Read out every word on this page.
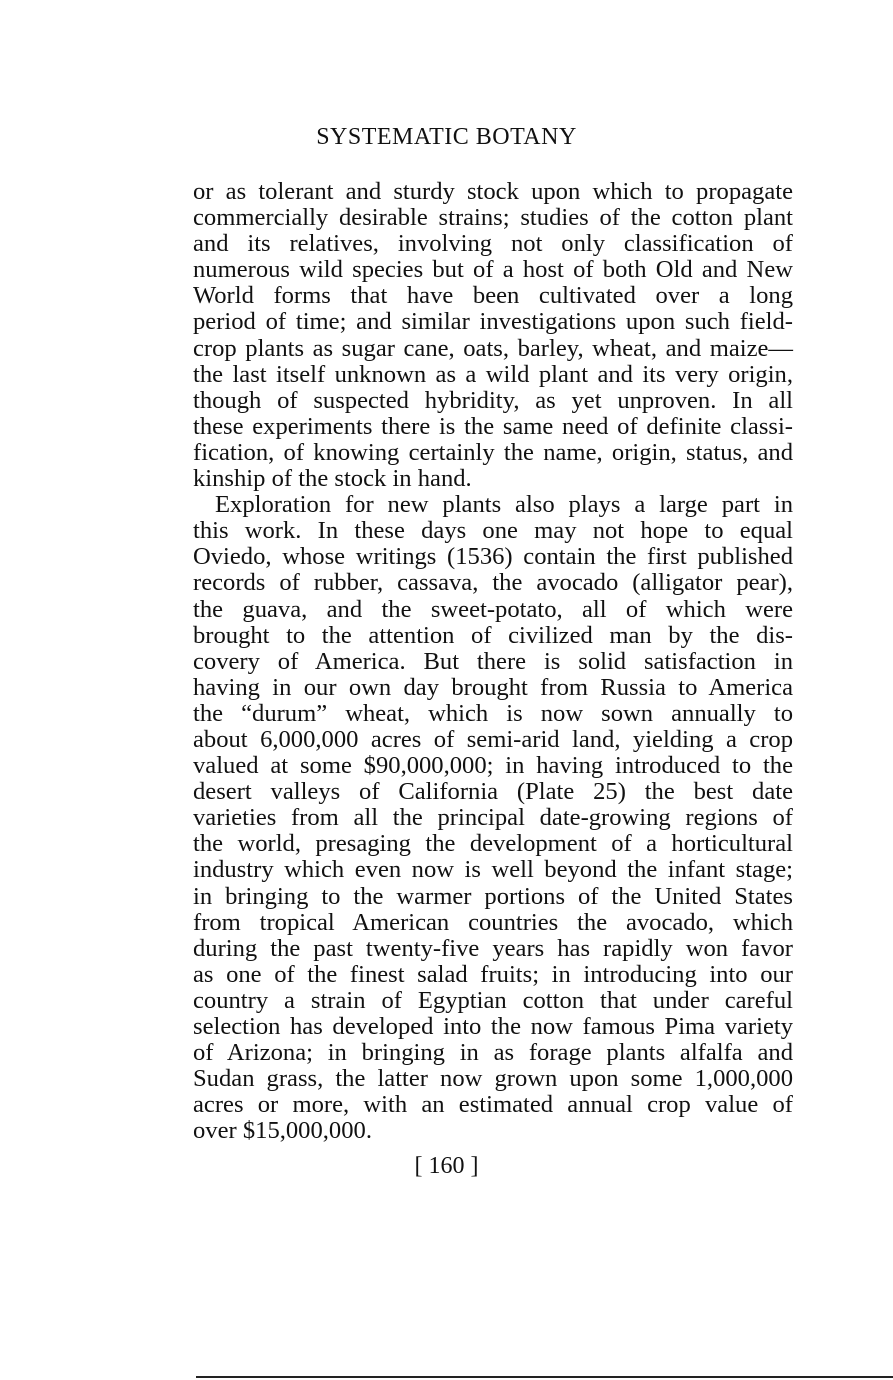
SYSTEMATIC BOTANY

or as tolerant and sturdy stock upon which to propagate
commercially desirable strains; studies of the cotton plant
and its relatives, involving not only classification of
numerous wild species but of a host of both Old and New
World forms that have been cultivated over a long
period of time; and similar investigations upon such field-
crop plants as sugar cane, oats, barley, wheat, and maize—
the last itself unknown as a wild plant and its very origin,
though of suspected hybridity, as yet unproven. In all
these experiments there is the same need of definite classi-
fication, of knowing certainly the name, origin, status, and
kinship of the stock in hand.

Exploration for new plants also plays a large part in
this work. In these days one may not hope to equal
Oviedo, whose writings (1536) contain the first published
records of rubber, cassava, the avocado (alligator pear),
the guava, and the sweet-potato, all of which were
brought to the attention of civilized man by the dis-
covery of America. But there is solid satisfaction in
having in our own day brought from Russia to America
the “durum” wheat, which is now sown annually to
about 6,000,000 acres of semi-arid land, yielding a crop
valued at some $90,000,000; in having introduced to the
desert valleys of California (Plate 25) the best date
varieties from all the principal date-growing regions of
the world, presaging the development of a horticultural
industry which even now is well beyond the infant stage;
in bringing to the warmer portions of the United States
from tropical American countries the avocado, which
during the past twenty-five years has rapidly won favor
as one of the finest salad fruits; in introducing into our
country a strain of Egyptian cotton that under careful
selection has developed into the now famous Pima variety
of Arizona; in bringing in as forage plants alfalfa and
Sudan grass, the latter now grown upon some 1,000,000
acres or more, with an estimated annual crop value of
over $15,000,000.

[ 160 ]
